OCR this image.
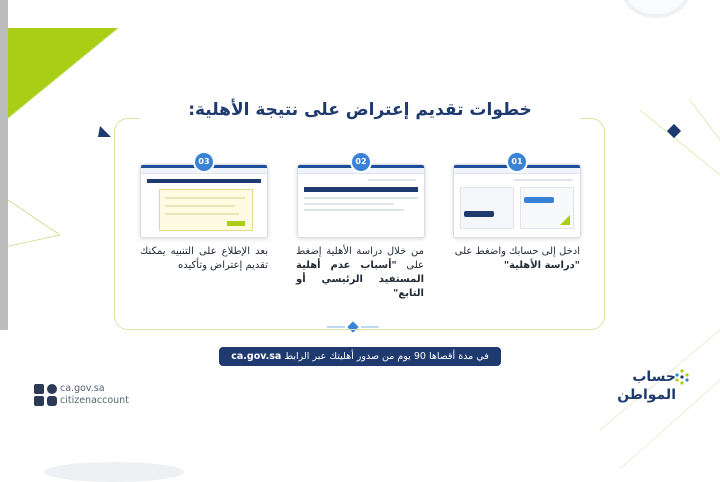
خطوات تقديم إعتراض على نتيجة الأهلية:
01
02
03
ادخل إلى حسابك واضغط على "دراسة الأهلية"
من خلال دراسة الأهلية إضغط على "أسباب عدم أهلية المستفيد الرئيسي أو التابع"
بعد الإطلاع على التنبيه يمكنك تقديم إعتراض وتأكيده
في مدة أقصاها 90 يوم من صدور أهليتك عبر الرابط ca.gov.sa
ca.gov.sa
citizenaccount
حساب
المواطن
